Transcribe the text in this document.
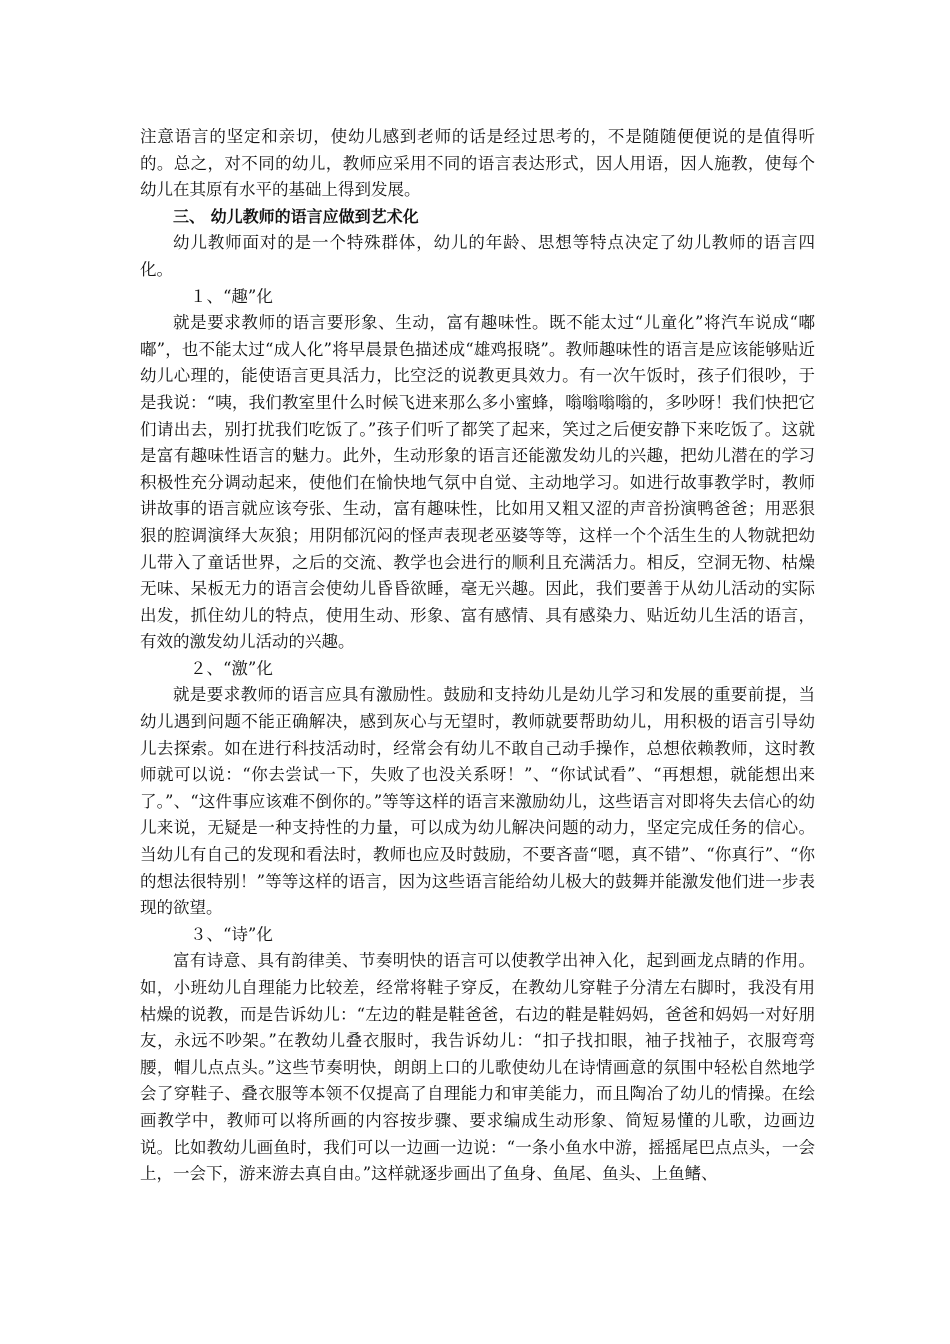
注意语言的坚定和亲切，使幼儿感到老师的话是经过思考的，不是随随便便说的是值得听的。总之，对不同的幼儿，教师应采用不同的语言表达形式，因人用语，因人施教，使每个幼儿在其原有水平的基础上得到发展。

三、 幼儿教师的语言应做到艺术化

幼儿教师面对的是一个特殊群体，幼儿的年龄、思想等特点决定了幼儿教师的语言四化。

１、“趣”化

就是要求教师的语言要形象、生动，富有趣味性。既不能太过“儿童化”将汽车说成“嘟嘟”，也不能太过“成人化”将早晨景色描述成“雄鸡报晓”。教师趣味性的语言是应该能够贴近幼儿心理的，能使语言更具活力，比空泛的说教更具效力。有一次午饭时，孩子们很吵，于是我说：“咦，我们教室里什么时候飞进来那么多小蜜蜂，嗡嗡嗡嗡的，多吵呀！我们快把它们请出去，别打扰我们吃饭了。”孩子们听了都笑了起来，笑过之后便安静下来吃饭了。这就是富有趣味性语言的魅力。此外，生动形象的语言还能激发幼儿的兴趣，把幼儿潜在的学习积极性充分调动起来，使他们在愉快地气氛中自觉、主动地学习。如进行故事教学时，教师讲故事的语言就应该夸张、生动，富有趣味性，比如用又粗又涩的声音扮演鸭爸爸；用恶狠狠的腔调演绎大灰狼；用阴郁沉闷的怪声表现老巫婆等等，这样一个个活生生的人物就把幼儿带入了童话世界，之后的交流、教学也会进行的顺利且充满活力。相反，空洞无物、枯燥无味、呆板无力的语言会使幼儿昏昏欲睡，毫无兴趣。因此，我们要善于从幼儿活动的实际出发，抓住幼儿的特点，使用生动、形象、富有感情、具有感染力、贴近幼儿生活的语言，有效的激发幼儿活动的兴趣。

２、“激”化

就是要求教师的语言应具有激励性。鼓励和支持幼儿是幼儿学习和发展的重要前提，当幼儿遇到问题不能正确解决，感到灰心与无望时，教师就要帮助幼儿，用积极的语言引导幼儿去探索。如在进行科技活动时，经常会有幼儿不敢自己动手操作，总想依赖教师，这时教师就可以说：“你去尝试一下，失败了也没关系呀！”、“你试试看”、“再想想，就能想出来了。”、“这件事应该难不倒你的。”等等这样的语言来激励幼儿，这些语言对即将失去信心的幼儿来说，无疑是一种支持性的力量，可以成为幼儿解决问题的动力，坚定完成任务的信心。当幼儿有自己的发现和看法时，教师也应及时鼓励，不要吝啬“嗯，真不错”、“你真行”、“你的想法很特别！”等等这样的语言，因为这些语言能给幼儿极大的鼓舞并能激发他们进一步表现的欲望。

３、“诗”化

富有诗意、具有韵律美、节奏明快的语言可以使教学出神入化，起到画龙点睛的作用。如，小班幼儿自理能力比较差，经常将鞋子穿反，在教幼儿穿鞋子分清左右脚时，我没有用枯燥的说教，而是告诉幼儿：“左边的鞋是鞋爸爸，右边的鞋是鞋妈妈，爸爸和妈妈一对好朋友，永远不吵架。”在教幼儿叠衣服时，我告诉幼儿：“扣子找扣眼，袖子找袖子，衣服弯弯腰，帽儿点点头。”这些节奏明快，朗朗上口的儿歌使幼儿在诗情画意的氛围中轻松自然地学会了穿鞋子、叠衣服等本领不仅提高了自理能力和审美能力，而且陶冶了幼儿的情操。在绘画教学中，教师可以将所画的内容按步骤、要求编成生动形象、简短易懂的儿歌，边画边说。比如教幼儿画鱼时，我们可以一边画一边说：“一条小鱼水中游，摇摇尾巴点点头，一会上，一会下，游来游去真自由。”这样就逐步画出了鱼身、鱼尾、鱼头、上鱼鳍、
